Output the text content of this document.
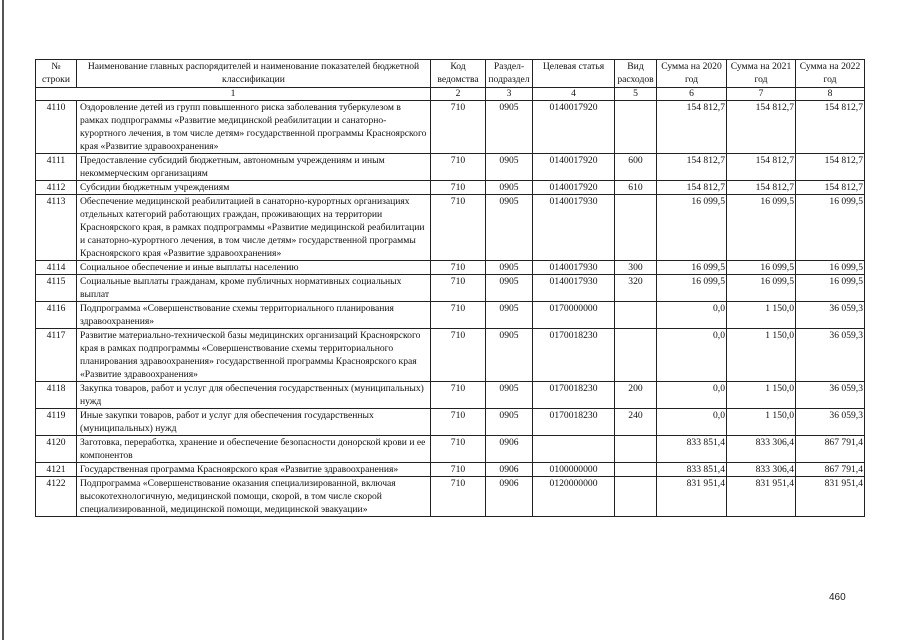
№ строки	Наименование главных распорядителей и наименование показателей бюджетной классификации	Код ведомства	Раздел-подраздел	Целевая статья	Вид расходов	Сумма на 2020 год	Сумма на 2021 год	Сумма на 2022 год
1		2	3	4	5	6	7	8
4110	Оздоровление детей из групп повышенного риска заболевания туберкулезом в рамках подпрограммы «Развитие медицинской реабилитации и санаторно-курортного лечения, в том числе детям» государственной программы Красноярского края «Развитие здравоохранения»	710	0905	0140017920		154 812,7	154 812,7	154 812,7
4111	Предоставление субсидий бюджетным, автономным учреждениям и иным некоммерческим организациям	710	0905	0140017920	600	154 812,7	154 812,7	154 812,7
4112	Субсидии бюджетным учреждениям	710	0905	0140017920	610	154 812,7	154 812,7	154 812,7
4113	Обеспечение медицинской реабилитацией в санаторно-курортных организациях отдельных категорий работающих граждан, проживающих на территории Красноярского края, в рамках подпрограммы «Развитие медицинской реабилитации и санаторно-курортного лечения, в том числе детям» государственной программы Красноярского края «Развитие здравоохранения»	710	0905	0140017930		16 099,5	16 099,5	16 099,5
4114	Социальное обеспечение и иные выплаты населению	710	0905	0140017930	300	16 099,5	16 099,5	16 099,5
4115	Социальные выплаты гражданам, кроме публичных нормативных социальных выплат	710	0905	0140017930	320	16 099,5	16 099,5	16 099,5
4116	Подпрограмма «Совершенствование схемы территориального планирования здравоохранения»	710	0905	0170000000		0,0	1 150,0	36 059,3
4117	Развитие материально-технической базы медицинских организаций Красноярского края в рамках подпрограммы «Совершенствование схемы территориального планирования здравоохранения» государственной программы Красноярского края «Развитие здравоохранения»	710	0905	0170018230		0,0	1 150,0	36 059,3
4118	Закупка товаров, работ и услуг для обеспечения государственных (муниципальных) нужд	710	0905	0170018230	200	0,0	1 150,0	36 059,3
4119	Иные закупки товаров, работ и услуг для обеспечения государственных (муниципальных) нужд	710	0905	0170018230	240	0,0	1 150,0	36 059,3
4120	Заготовка, переработка, хранение и обеспечение безопасности донорской крови и ее компонентов	710	0906			833 851,4	833 306,4	867 791,4
4121	Государственная программа Красноярского края «Развитие здравоохранения»	710	0906	0100000000		833 851,4	833 306,4	867 791,4
4122	Подпрограмма «Совершенствование оказания специализированной, включая высокотехнологичную, медицинской помощи, скорой, в том числе скорой специализированной, медицинской помощи, медицинской эвакуации»	710	0906	0120000000		831 951,4	831 951,4	831 951,4
460
